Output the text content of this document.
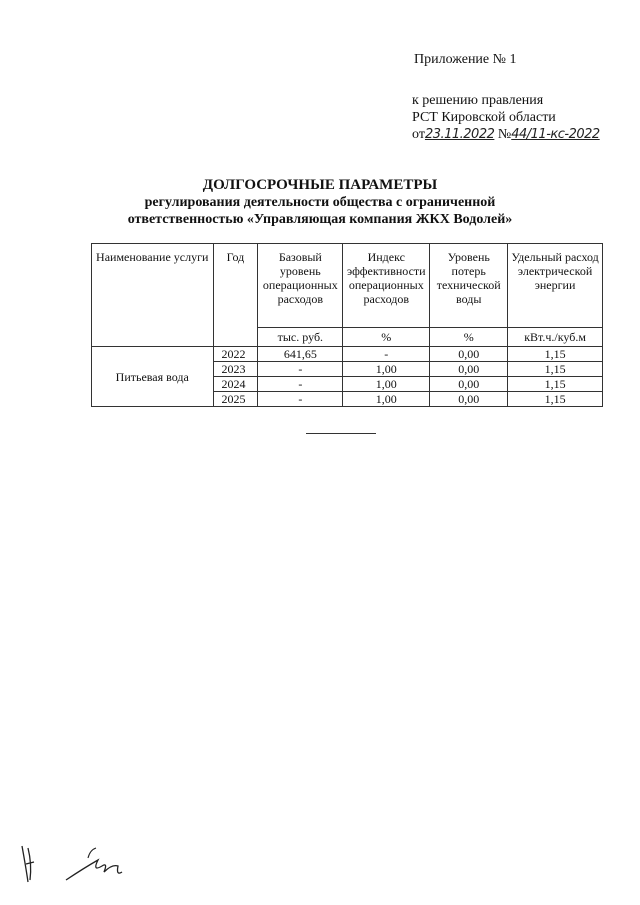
Приложение № 1
к решению правления
РСТ Кировской области
от23.11.2022 №44/11-кс-2022
ДОЛГОСРОЧНЫЕ ПАРАМЕТРЫ
регулирования деятельности общества с ограниченной
ответственностью «Управляющая компания ЖКХ Водолей»
Наименование услуги	Год	Базовый уровень операционных расходов	Индекс эффективности операционных расходов	Уровень потерь технической воды	Удельный расход электрической энергии
		тыс. руб.	%	%	кВт.ч./куб.м
Питьевая вода	2022	641,65	-	0,00	1,15
	2023	-	1,00	0,00	1,15
	2024	-	1,00	0,00	1,15
	2025	-	1,00	0,00	1,15
